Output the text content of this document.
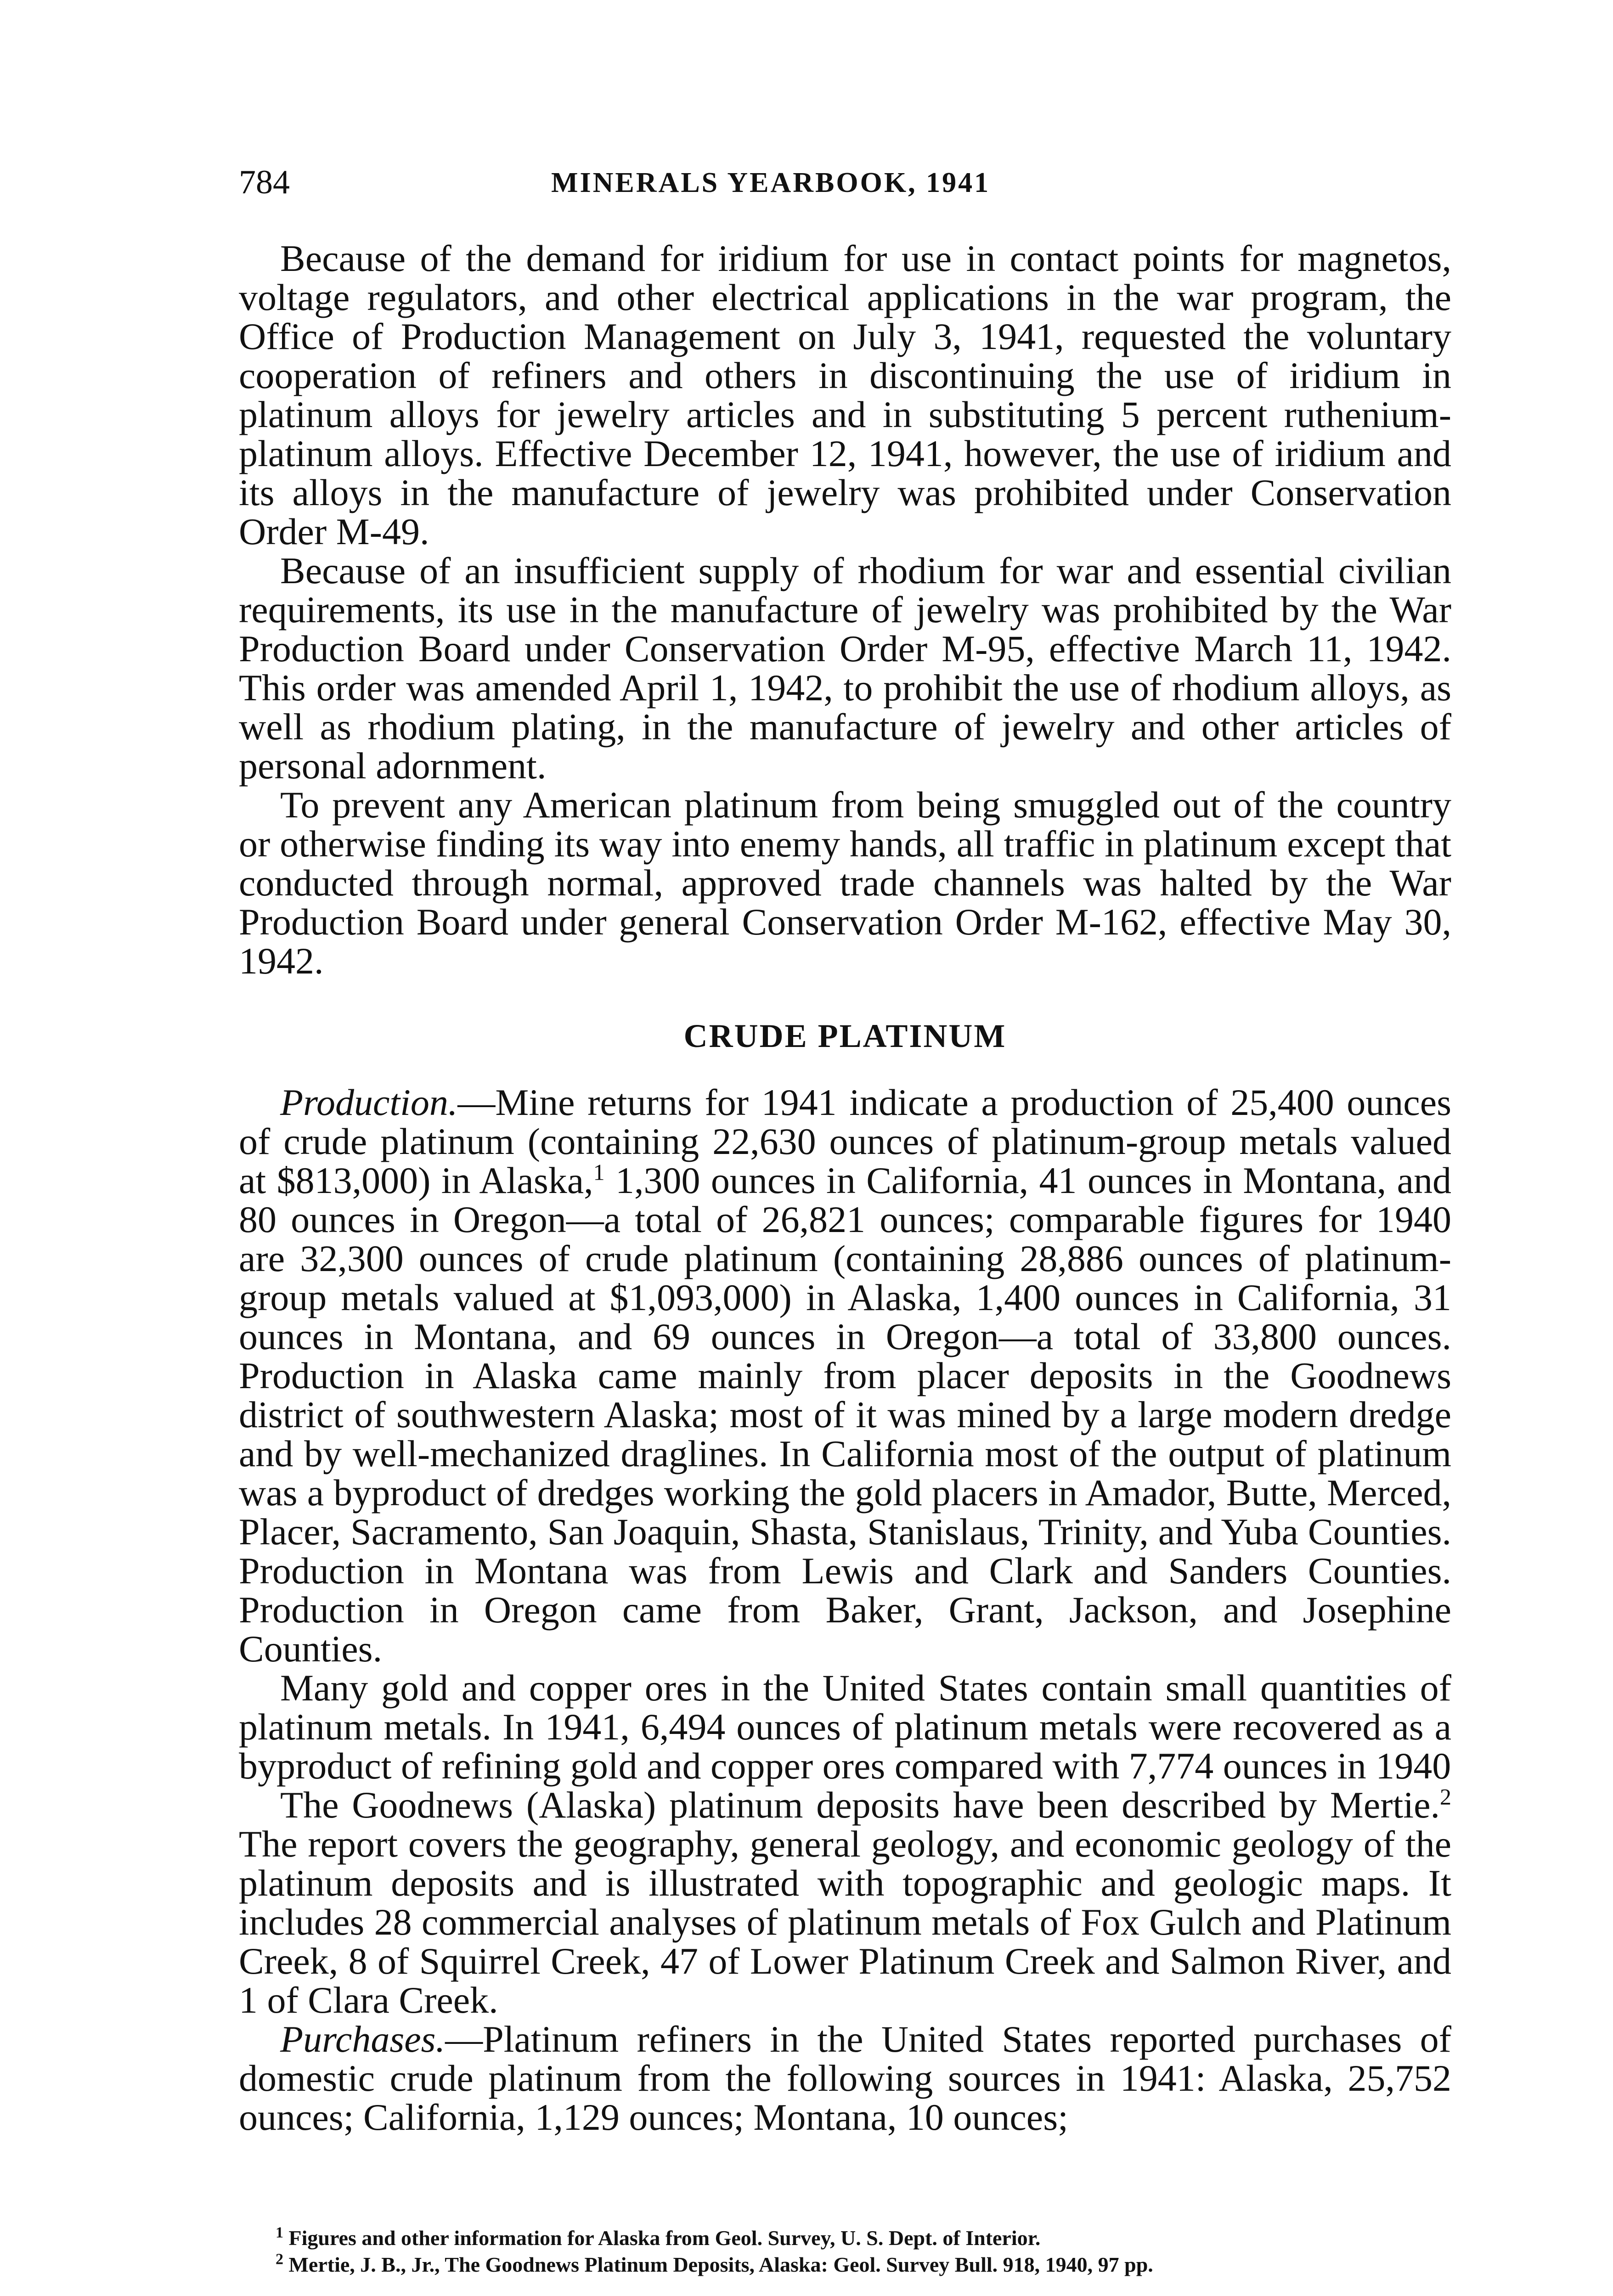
784	MINERALS YEARBOOK, 1941

Because of the demand for iridium for use in contact points for magnetos, voltage regulators, and other electrical applications in the war program, the Office of Production Management on July 3, 1941, requested the voluntary cooperation of refiners and others in discontinuing the use of iridium in platinum alloys for jewelry articles and in substituting 5 percent ruthenium-platinum alloys. Effective December 12, 1941, however, the use of iridium and its alloys in the manufacture of jewelry was prohibited under Conservation Order M-49.

Because of an insufficient supply of rhodium for war and essential civilian requirements, its use in the manufacture of jewelry was prohibited by the War Production Board under Conservation Order M-95, effective March 11, 1942. This order was amended April 1, 1942, to prohibit the use of rhodium alloys, as well as rhodium plating, in the manufacture of jewelry and other articles of personal adornment.

To prevent any American platinum from being smuggled out of the country or otherwise finding its way into enemy hands, all traffic in platinum except that conducted through normal, approved trade channels was halted by the War Production Board under general Conservation Order M-162, effective May 30, 1942.

CRUDE PLATINUM

Production.—Mine returns for 1941 indicate a production of 25,400 ounces of crude platinum (containing 22,630 ounces of platinum-group metals valued at $813,000) in Alaska,$^1$ 1,300 ounces in California, 41 ounces in Montana, and 80 ounces in Oregon—a total of 26,821 ounces; comparable figures for 1940 are 32,300 ounces of crude platinum (containing 28,886 ounces of platinum-group metals valued at $1,093,000) in Alaska, 1,400 ounces in California, 31 ounces in Montana, and 69 ounces in Oregon—a total of 33,800 ounces. Production in Alaska came mainly from placer deposits in the Goodnews district of southwestern Alaska; most of it was mined by a large modern dredge and by well-mechanized draglines. In California most of the output of platinum was a byproduct of dredges working the gold placers in Amador, Butte, Merced, Placer, Sacramento, San Joaquin, Shasta, Stanislaus, Trinity, and Yuba Counties. Production in Montana was from Lewis and Clark and Sanders Counties. Production in Oregon came from Baker, Grant, Jackson, and Josephine Counties.

Many gold and copper ores in the United States contain small quantities of platinum metals. In 1941, 6,494 ounces of platinum metals were recovered as a byproduct of refining gold and copper ores compared with 7,774 ounces in 1940

The Goodnews (Alaska) platinum deposits have been described by Mertie.$^2$ The report covers the geography, general geology, and economic geology of the platinum deposits and is illustrated with topographic and geologic maps. It includes 28 commercial analyses of platinum metals of Fox Gulch and Platinum Creek, 8 of Squirrel Creek, 47 of Lower Platinum Creek and Salmon River, and 1 of Clara Creek.

Purchases.—Platinum refiners in the United States reported purchases of domestic crude platinum from the following sources in 1941: Alaska, 25,752 ounces; California, 1,129 ounces; Montana, 10 ounces;

$^1$ Figures and other information for Alaska from Geol. Survey, U. S. Dept. of Interior.
$^2$ Mertie, J. B., Jr., The Goodnews Platinum Deposits, Alaska: Geol. Survey Bull. 918, 1940, 97 pp.
